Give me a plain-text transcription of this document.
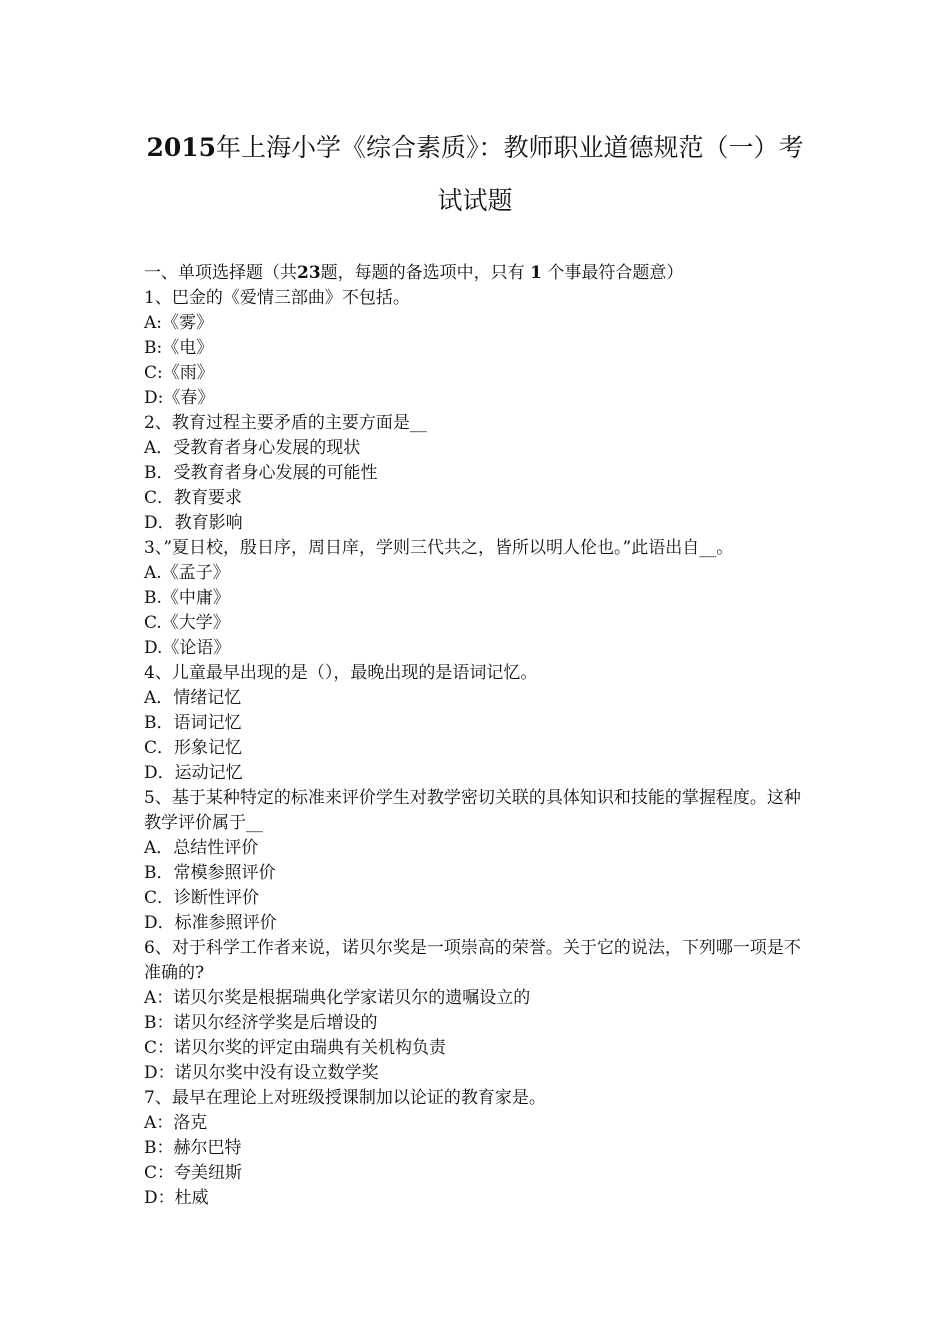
2015年上海小学《综合素质》：教师职业道德规范（一）考
试试题
一、单项选择题（共23题，每题的备选项中，只有 1 个事最符合题意）
1、巴金的《爱情三部曲》不包括。
A:《雾》
B:《电》
C:《雨》
D:《春》
2、教育过程主要矛盾的主要方面是__
A．受教育者身心发展的现状
B．受教育者身心发展的可能性
C．教育要求
D．教育影响
3、”夏日校，殷日序，周日庠，学则三代共之，皆所以明人伦也。”此语出自__。
A.《孟子》
B.《中庸》
C.《大学》
D.《论语》
4、儿童最早出现的是（），最晚出现的是语词记忆。
A．情绪记忆
B．语词记忆
C．形象记忆
D．运动记忆
5、基于某种特定的标准来评价学生对教学密切关联的具体知识和技能的掌握程度。这种教学评价属于__
A．总结性评价
B．常模参照评价
C．诊断性评价
D．标准参照评价
6、对于科学工作者来说，诺贝尔奖是一项崇高的荣誉。关于它的说法，下列哪一项是不准确的?
A：诺贝尔奖是根据瑞典化学家诺贝尔的遗嘱设立的
B：诺贝尔经济学奖是后增设的
C：诺贝尔奖的评定由瑞典有关机构负责
D：诺贝尔奖中没有设立数学奖
7、最早在理论上对班级授课制加以论证的教育家是。
A：洛克
B：赫尔巴特
C：夸美纽斯
D：杜威
